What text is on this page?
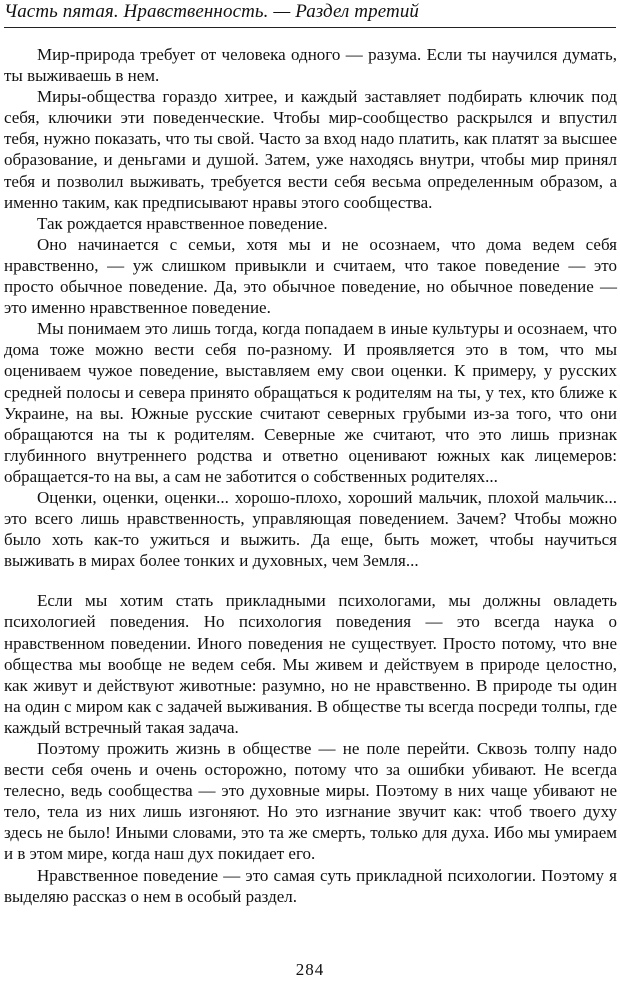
Часть пятая. Нравственность. — Раздел третий

Мир-природа требует от человека одного — разума. Если ты научился думать, ты выживаешь в нем.

Миры-общества гораздо хитрее, и каждый заставляет подбирать ключик под себя, ключики эти поведенческие. Чтобы мир-сообщество раскрылся и впустил тебя, нужно показать, что ты свой. Часто за вход надо платить, как платят за высшее образование, и деньгами и душой. Затем, уже находясь внутри, чтобы мир принял тебя и позволил выживать, требуется вести себя весьма определенным образом, а именно таким, как предписывают нравы этого сообщества.

Так рождается нравственное поведение.

Оно начинается с семьи, хотя мы и не осознаем, что дома ведем себя нравственно, — уж слишком привыкли и считаем, что такое поведение — это просто обычное поведение. Да, это обычное поведение, но обычное поведение — это именно нравственное поведение.

Мы понимаем это лишь тогда, когда попадаем в иные культуры и осознаем, что дома тоже можно вести себя по-разному. И проявляется это в том, что мы оцениваем чужое поведение, выставляем ему свои оценки. К примеру, у русских средней полосы и севера принято обращаться к родителям на ты, у тех, кто ближе к Украине, на вы. Южные русские считают северных грубыми из-за того, что они обращаются на ты к родителям. Северные же считают, что это лишь признак глубинного внутреннего родства и ответно оценивают южных как лицемеров: обращается-то на вы, а сам не заботится о собственных родителях...

Оценки, оценки, оценки... хорошо-плохо, хороший мальчик, плохой мальчик... это всего лишь нравственность, управляющая поведением. Зачем? Чтобы можно было хоть как-то ужиться и выжить. Да еще, быть может, чтобы научиться выживать в мирах более тонких и духовных, чем Земля...

Если мы хотим стать прикладными психологами, мы должны овладеть психологией поведения. Но психология поведения — это всегда наука о нравственном поведении. Иного поведения не существует. Просто потому, что вне общества мы вообще не ведем себя. Мы живем и действуем в природе целостно, как живут и действуют животные: разумно, но не нравственно. В природе ты один на один с миром как с задачей выживания. В обществе ты всегда посреди толпы, где каждый встречный такая задача.

Поэтому прожить жизнь в обществе — не поле перейти. Сквозь толпу надо вести себя очень и очень осторожно, потому что за ошибки убивают. Не всегда телесно, ведь сообщества — это духовные миры. Поэтому в них чаще убивают не тело, тела из них лишь изгоняют. Но это изгнание звучит как: чтоб твоего духу здесь не было! Иными словами, это та же смерть, только для духа. Ибо мы умираем и в этом мире, когда наш дух покидает его.

Нравственное поведение — это самая суть прикладной психологии. Поэтому я выделяю рассказ о нем в особый раздел.

284
